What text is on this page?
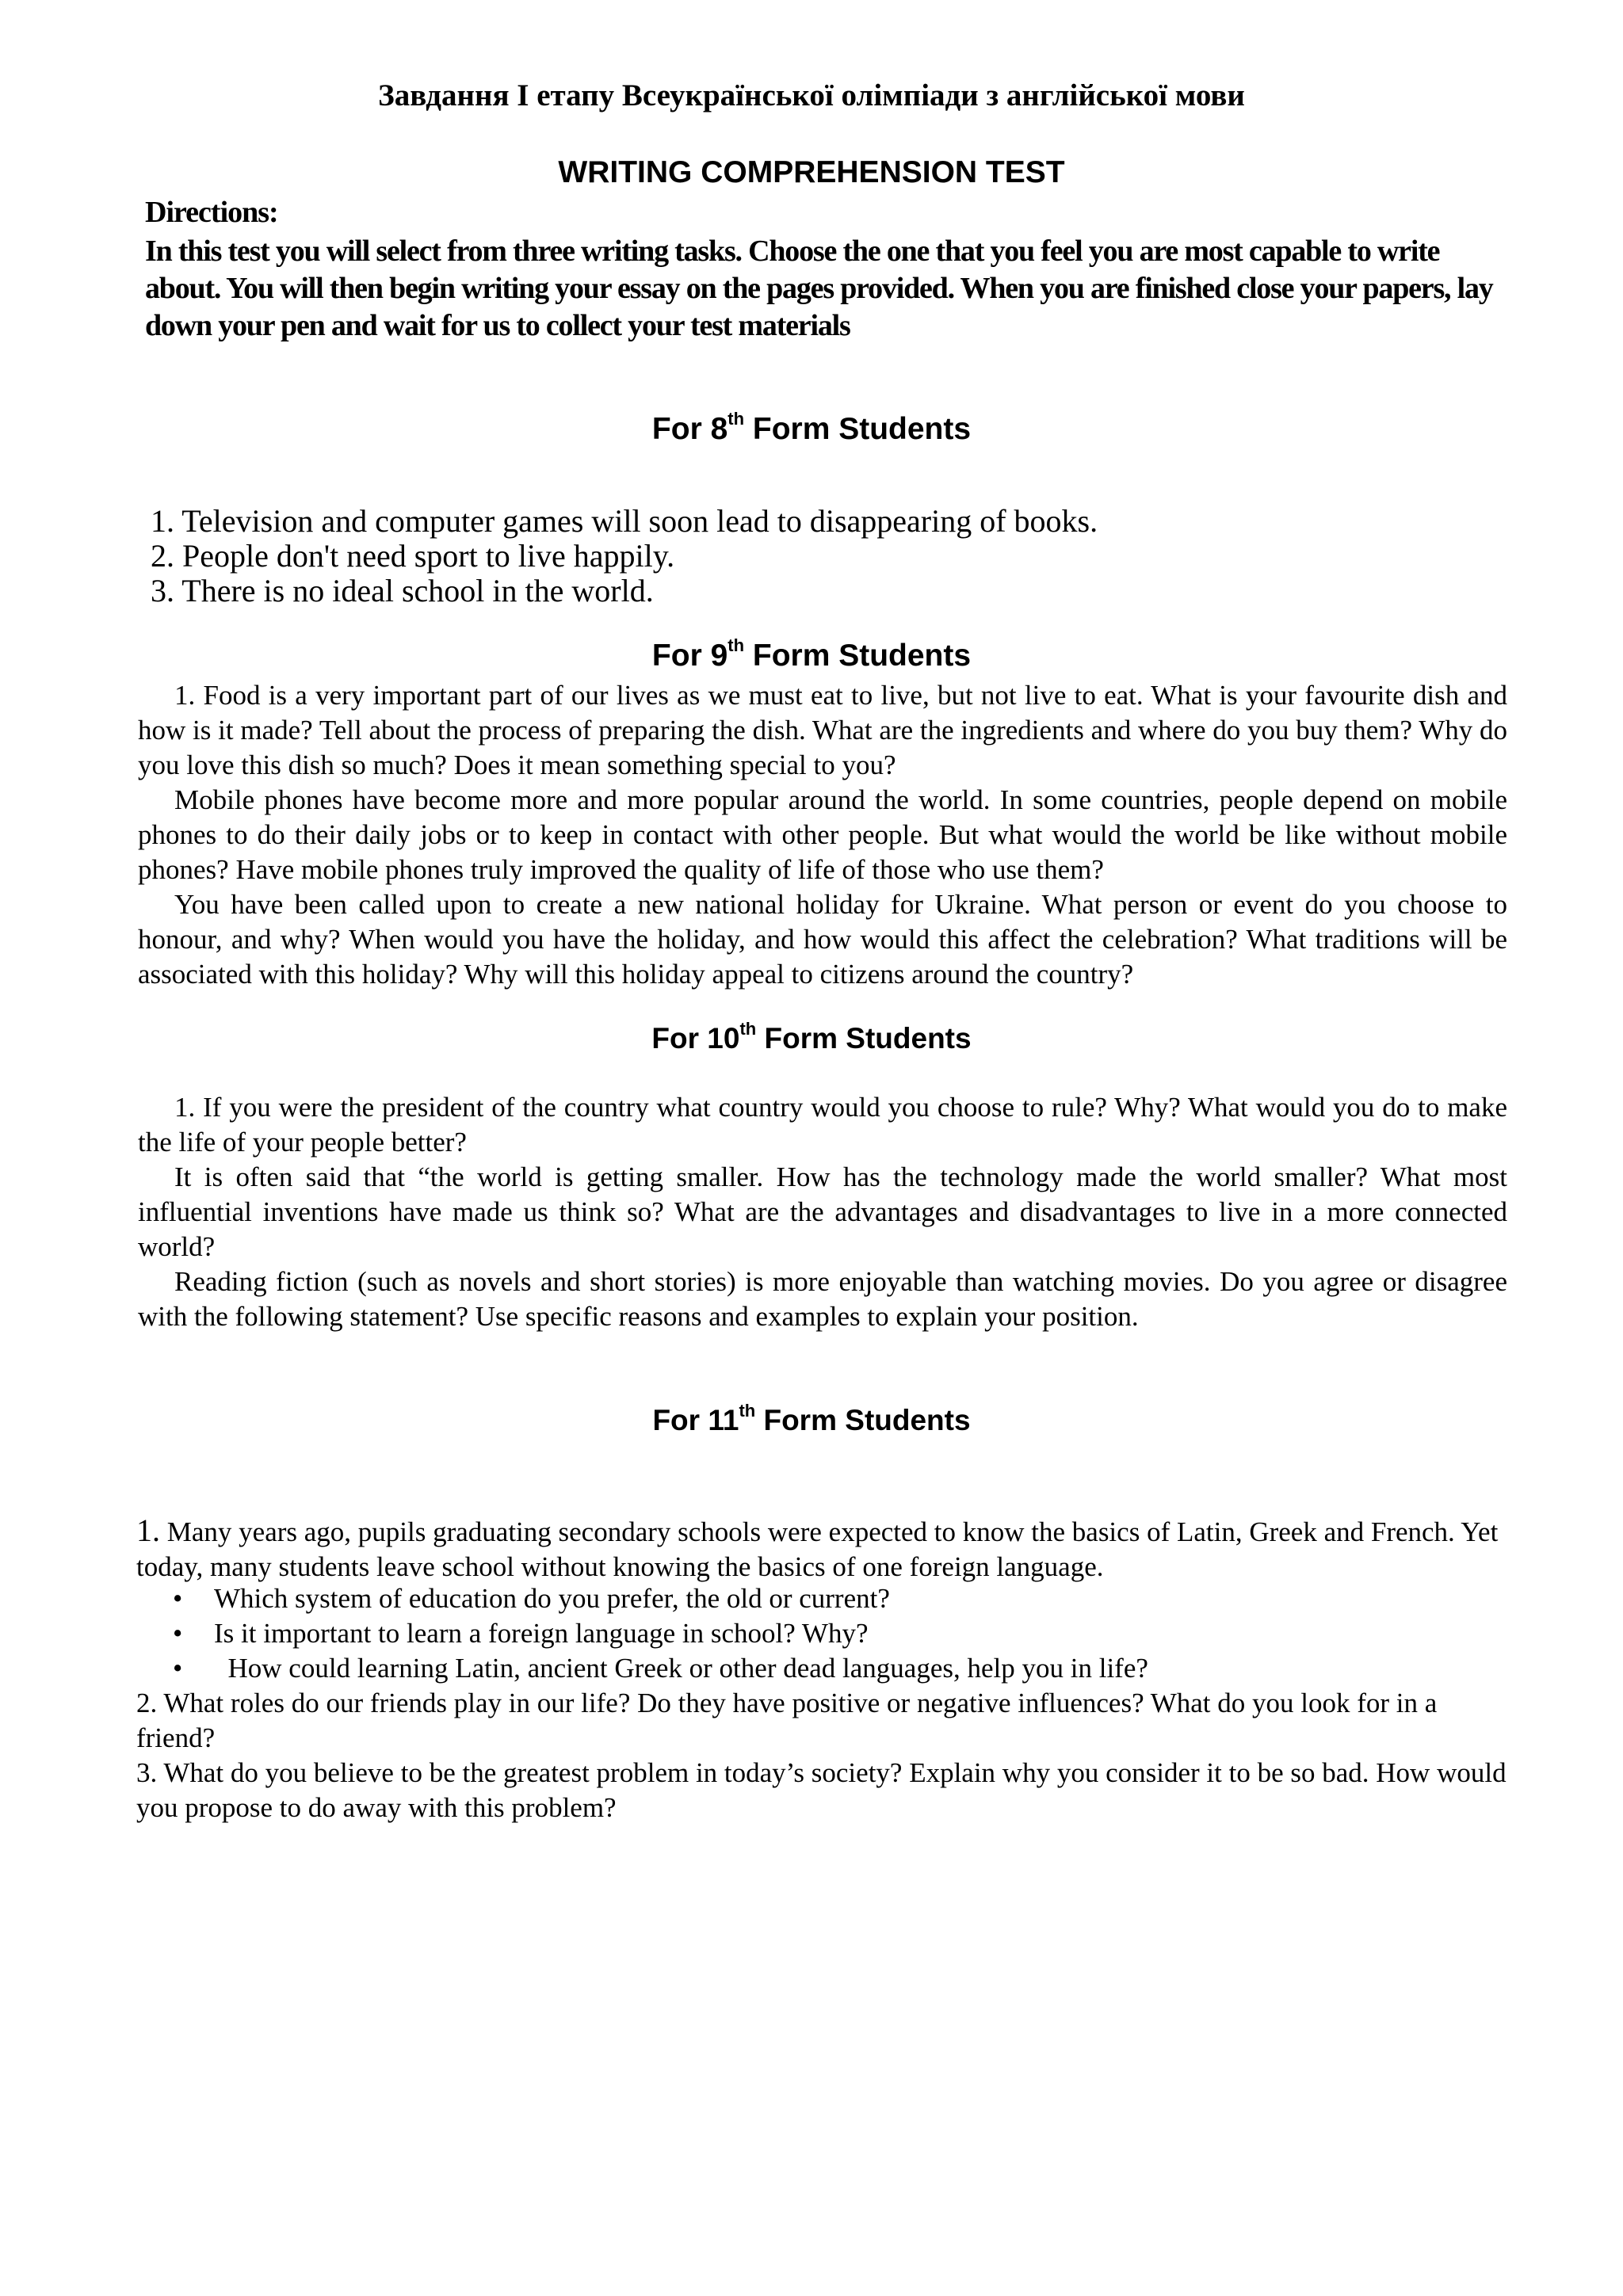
Завдання I етапу Всеукраїнської олімпіади з англійської мови
WRITING COMPREHENSION TEST
Directions:
In this test you will select from three writing tasks. Choose the one that you feel you are most capable to write about. You will then begin writing your essay on the pages provided. When you are finished close your papers, lay down your pen and wait for us to collect your test materials
For 8th Form Students
1. Television and computer games will soon lead to disappearing of books.
2. People don't need sport to live happily.
3. There is no ideal school in the world.
For 9th Form Students
1. Food is a very important part of our lives as we must eat to live, but not live to eat. What is your favourite dish and how is it made? Tell about the process of preparing the dish. What are the ingredients and where do you buy them? Why do you love this dish so much? Does it mean something special to you?
Mobile phones have become more and more popular around the world. In some countries, people depend on mobile phones to do their daily jobs or to keep in contact with other people. But what would the world be like without mobile phones? Have mobile phones truly improved the quality of life of those who use them?
You have been called upon to create a new national holiday for Ukraine. What person or event do you choose to honour, and why? When would you have the holiday, and how would this affect the celebration? What traditions will be associated with this holiday? Why will this holiday appeal to citizens around the country?
For 10th Form Students
1. If you were the president of the country what country would you choose to rule? Why? What would you do to make the life of your people better?
It is often said that “the world is getting smaller. How has the technology made the world smaller? What most influential inventions have made us think so? What are the advantages and disadvantages to live in a more connected world?
Reading fiction (such as novels and short stories) is more enjoyable than watching movies. Do you agree or disagree with the following statement? Use specific reasons and examples to explain your position.
For 11th Form Students
1. Many years ago, pupils graduating secondary schools were expected to know the basics of Latin, Greek and French. Yet today, many students leave school without knowing the basics of one foreign language.
• Which system of education do you prefer, the old or current?
• Is it important to learn a foreign language in school? Why?
•  How could learning Latin, ancient Greek or other dead languages, help you in life?
2. What roles do our friends play in our life? Do they have positive or negative influences? What do you look for in a friend?
3. What do you believe to be the greatest problem in today’s society? Explain why you consider it to be so bad. How would you propose to do away with this problem?
